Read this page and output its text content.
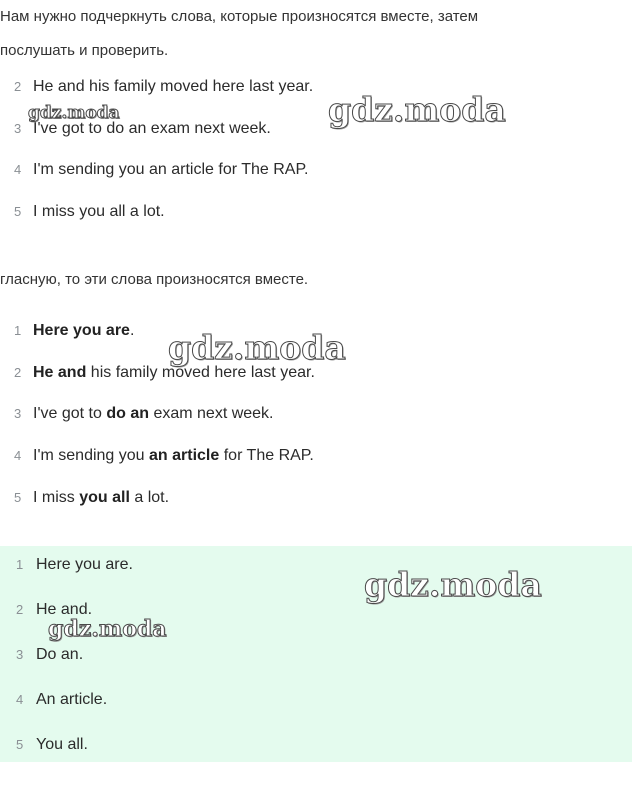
Нам нужно подчеркнуть слова, которые произносятся вместе, затем

послушать и проверить.

2 He and his family moved here last year.
3 I've got to do an exam next week.
4 I'm sending you an article for The RAP.
5 I miss you all a lot.
гласную, то эти слова произносятся вместе.
1 Here you are.
2 He and his family moved here last year.
3 I've got to do an exam next week.
4 I'm sending you an article for The RAP.
5 I miss you all a lot.
1 Here you are.
2 He and.
3 Do an.
4 An article.
5 You all.
gdz.moda
gdz.moda
gdz.moda
gdz.moda
gdz.moda
